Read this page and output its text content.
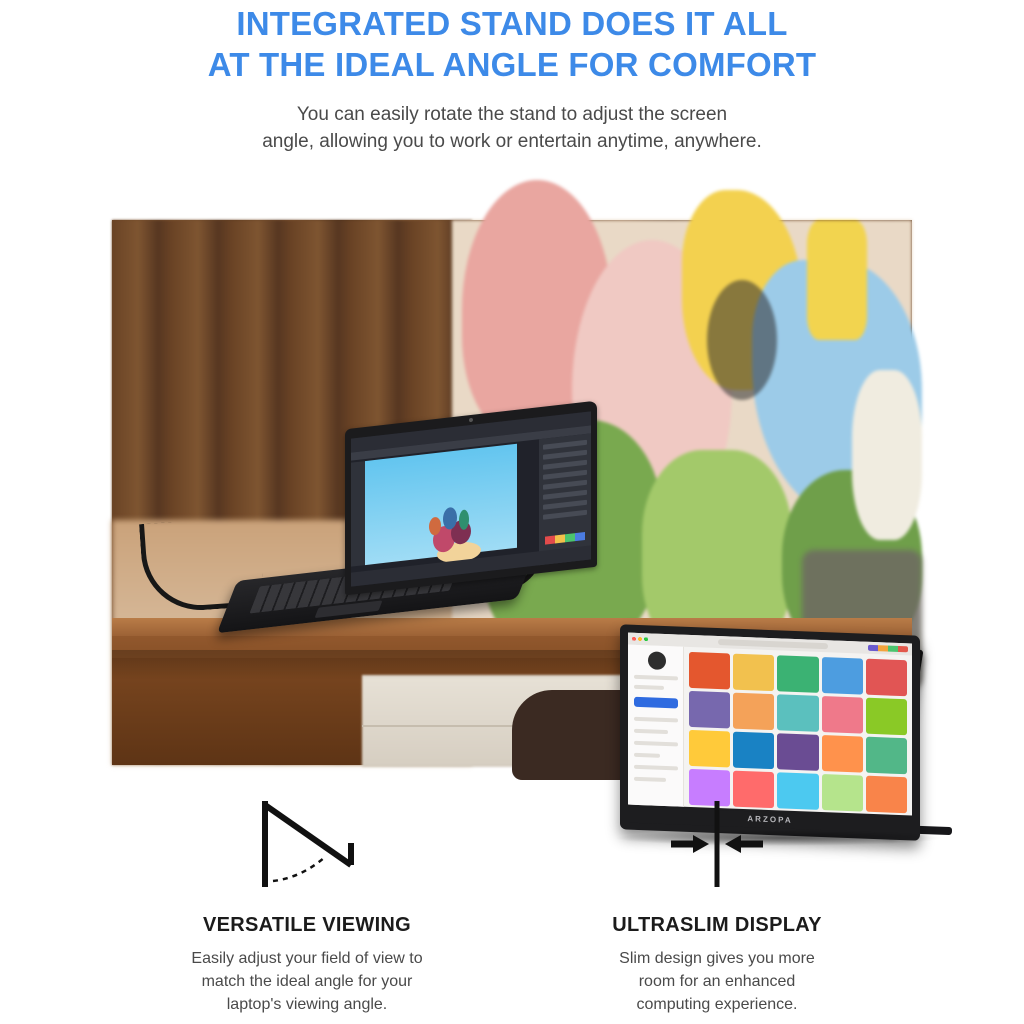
INTEGRATED STAND DOES IT ALL
AT THE IDEAL ANGLE FOR COMFORT
You can easily rotate the stand to adjust the screen
angle, allowing you to work or entertain anytime, anywhere.
ARZOPA
VERSATILE VIEWING
Easily adjust your field of view to
match the ideal angle for your
laptop's viewing angle.
ULTRASLIM DISPLAY
Slim design gives you more
room for an enhanced
computing experience.
